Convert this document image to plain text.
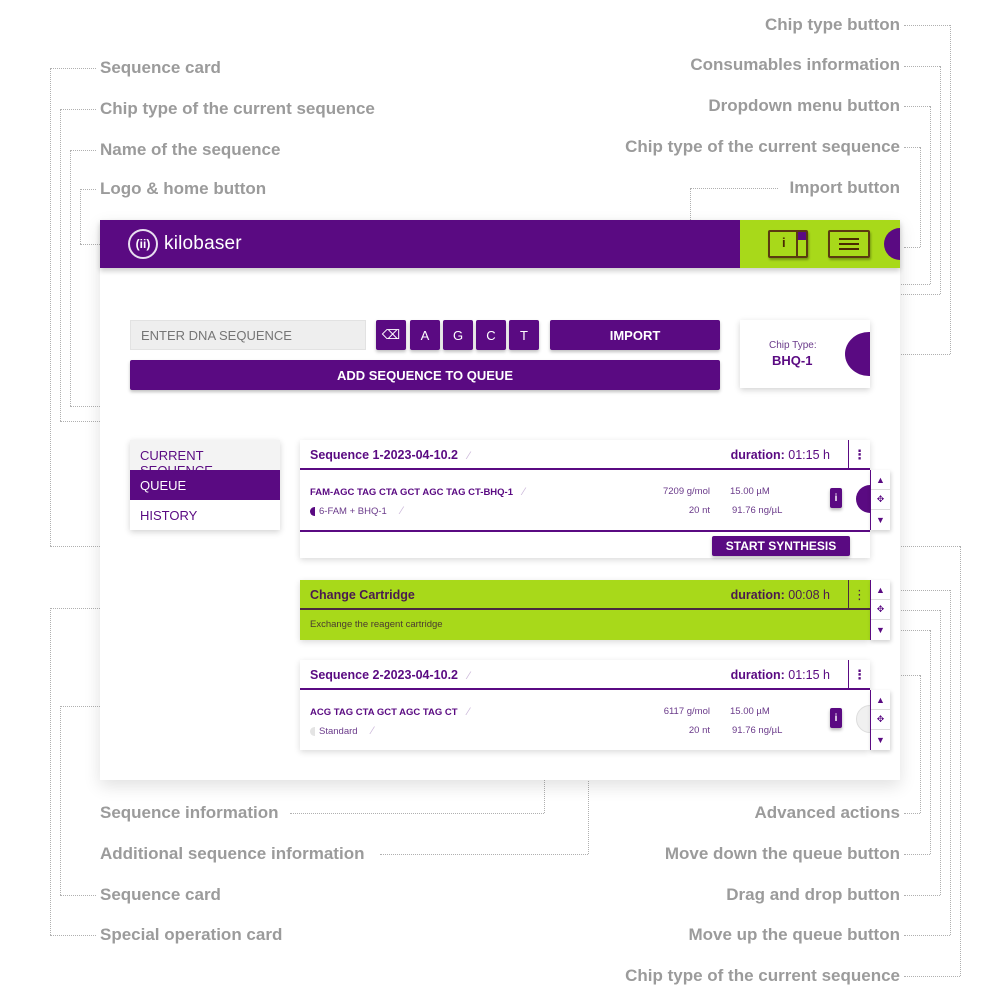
Sequence card
Chip type of the current sequence
Name of the sequence
Logo & home button
Chip type button
Consumables information
Dropdown menu button
Chip type of the current sequence
Import button
Sequence information
Additional sequence information
Sequence card
Special operation card
Advanced actions
Move down the queue button
Drag and drop button
Move up the queue button
Chip type of the current sequence
(ii) kilobaser	i
ENTER DNA SEQUENCE
⌫	A	G	C	T	IMPORT
ADD SEQUENCE TO QUEUE
Chip Type:
BHQ-1
CURRENT SEQUENCE
QUEUE
HISTORY
Sequence 1-2023-04-10.2 ⁄	duration: 01:15 h	⋮
FAM-AGC TAG CTA GCT AGC TAG CT-BHQ-1 ⁄
6-FAM + BHQ-1 ⁄
7209 g/mol
20 nt
15.00 µM
91.76 ng/µL
i
START SYNTHESIS
▲
✥
▼
Change Cartridge	duration: 00:08 h	⋮
Exchange the reagent cartridge
▲
✥
▼
Sequence 2-2023-04-10.2 ⁄	duration: 01:15 h	⋮
ACG TAG CTA GCT AGC TAG CT ⁄
Standard ⁄
6117 g/mol
20 nt
15.00 µM
91.76 ng/µL
i
▲
✥
▼
